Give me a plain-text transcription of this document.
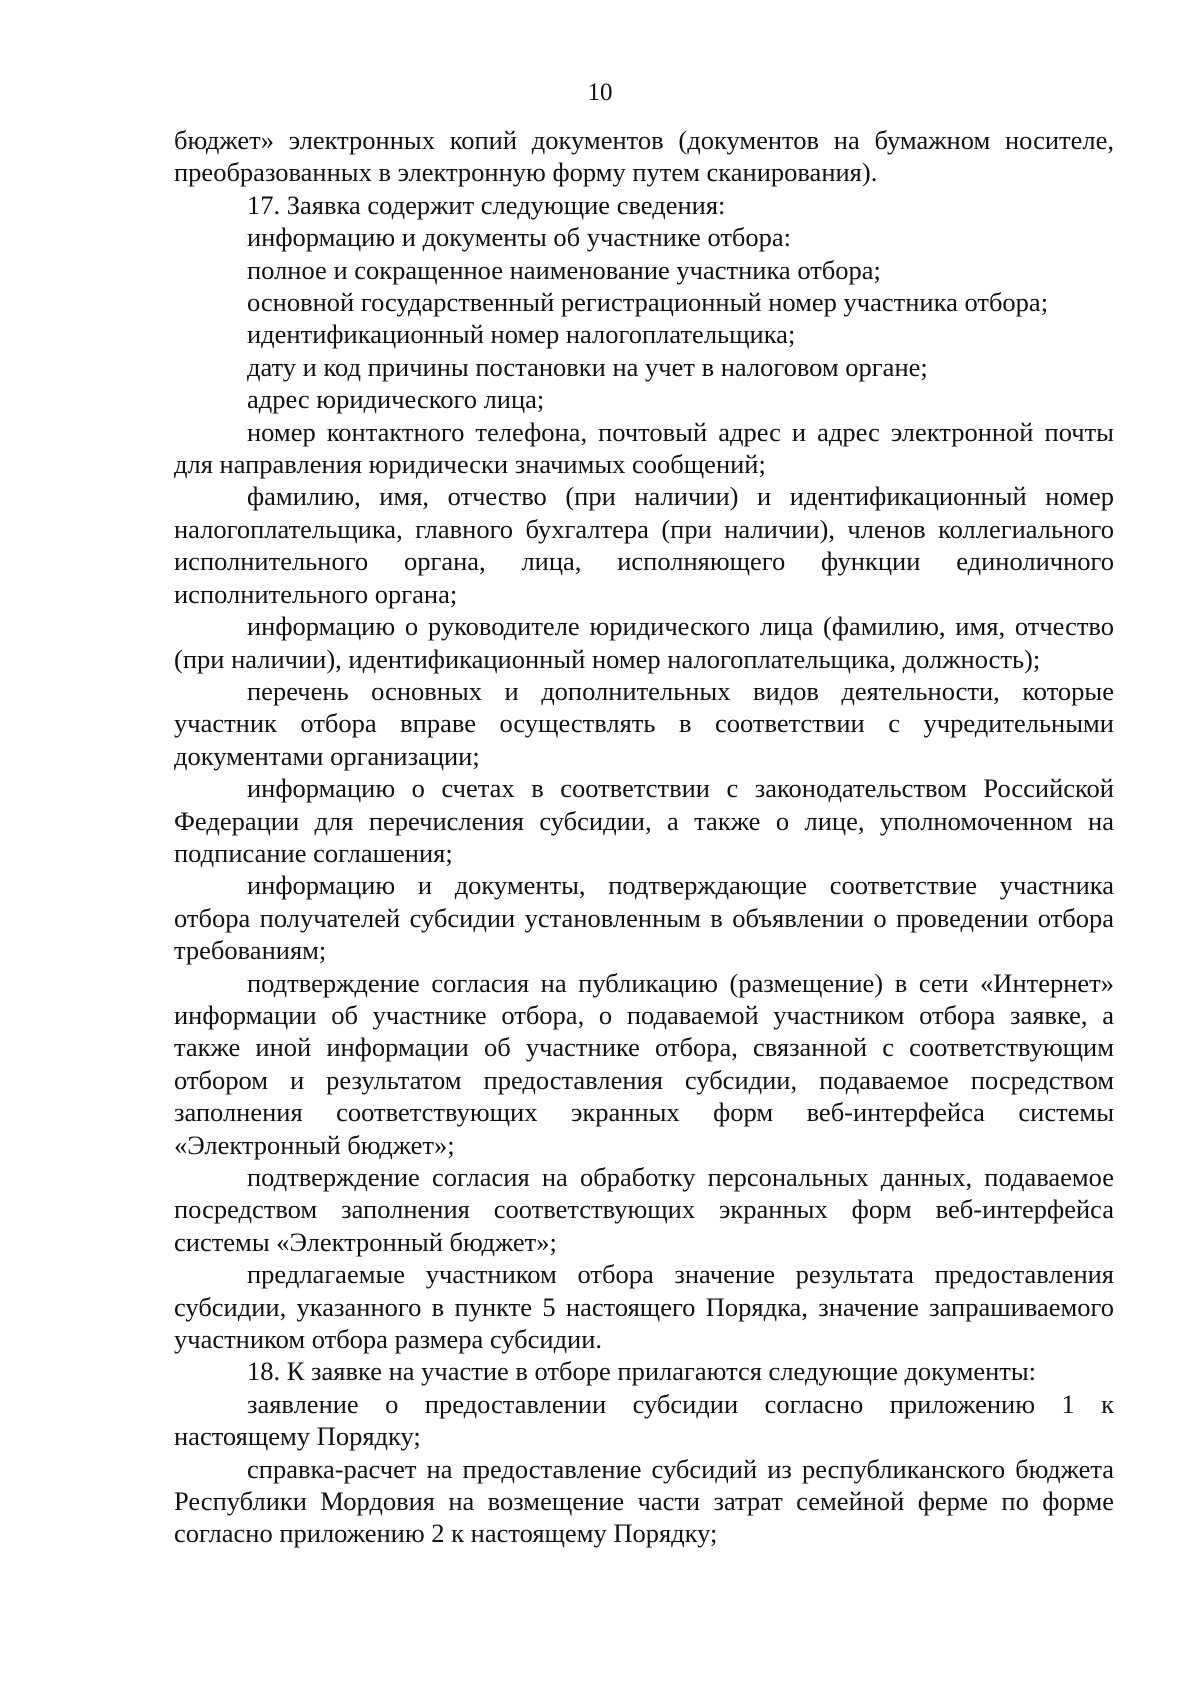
10

бюджет» электронных копий документов (документов на бумажном носителе, преобразованных в электронную форму путем сканирования).

17. Заявка содержит следующие сведения:

информацию и документы об участнике отбора:

полное и сокращенное наименование участника отбора;

основной государственный регистрационный номер участника отбора;

идентификационный номер налогоплательщика;

дату и код причины постановки на учет в налоговом органе;

адрес юридического лица;

номер контактного телефона, почтовый адрес и адрес электронной почты для направления юридически значимых сообщений;

фамилию, имя, отчество (при наличии) и идентификационный номер налогоплательщика, главного бухгалтера (при наличии), членов коллегиального исполнительного органа, лица, исполняющего функции единоличного исполнительного органа;

информацию о руководителе юридического лица (фамилию, имя, отчество (при наличии), идентификационный номер налогоплательщика, должность);

перечень основных и дополнительных видов деятельности, которые участник отбора вправе осуществлять в соответствии с учредительными документами организации;

информацию о счетах в соответствии с законодательством Российской Федерации для перечисления субсидии, а также о лице, уполномоченном на подписание соглашения;

информацию и документы, подтверждающие соответствие участника отбора получателей субсидии установленным в объявлении о проведении отбора требованиям;

подтверждение согласия на публикацию (размещение) в сети «Интернет» информации об участнике отбора, о подаваемой участником отбора заявке, а также иной информации об участнике отбора, связанной с соответствующим отбором и результатом предоставления субсидии, подаваемое посредством заполнения соответствующих экранных форм веб-интерфейса системы «Электронный бюджет»;

подтверждение согласия на обработку персональных данных, подаваемое посредством заполнения соответствующих экранных форм веб-интерфейса системы «Электронный бюджет»;

предлагаемые участником отбора значение результата предоставления субсидии, указанного в пункте 5 настоящего Порядка, значение запрашиваемого участником отбора размера субсидии.

18. К заявке на участие в отборе прилагаются следующие документы:

заявление о предоставлении субсидии согласно приложению 1 к настоящему Порядку;

справка-расчет на предоставление субсидий из республиканского бюджета Республики Мордовия на возмещение части затрат семейной ферме по форме согласно приложению 2 к настоящему Порядку;
